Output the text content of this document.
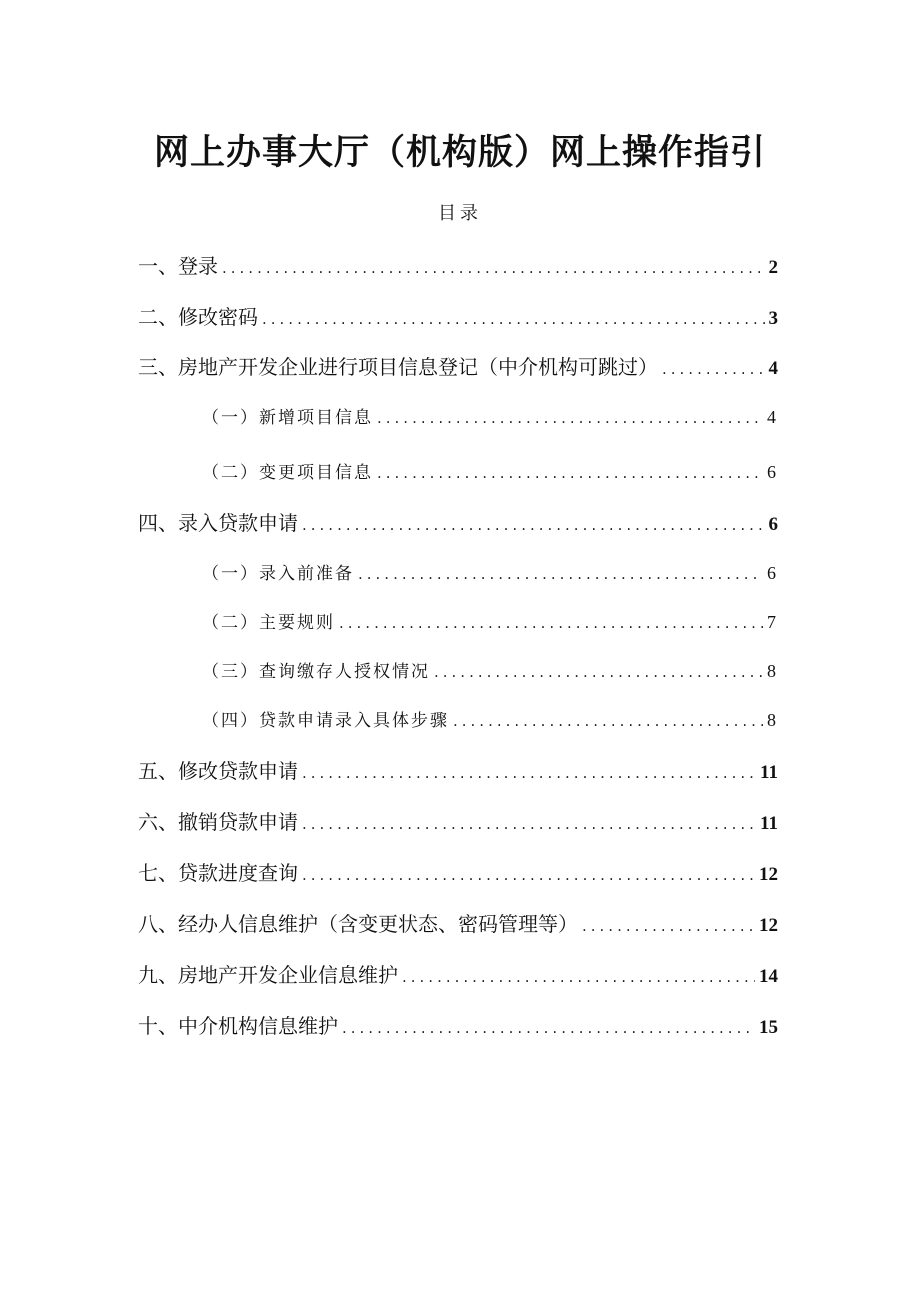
网上办事大厅（机构版）网上操作指引
目录
一、登录 .....	2
二、修改密码 .....	3
三、房地产开发企业进行项目信息登记（中介机构可跳过） .....	4
（一）新增项目信息 .....	4
（二）变更项目信息 .....	6
四、录入贷款申请 .....	6
（一）录入前准备 .....	6
（二）主要规则 .....	7
（三）查询缴存人授权情况 .....	8
（四）贷款申请录入具体步骤 .....	8
五、修改贷款申请 .....	11
六、撤销贷款申请 .....	11
七、贷款进度查询 .....	12
八、经办人信息维护（含变更状态、密码管理等） .....	12
九、房地产开发企业信息维护 .....	14
十、中介机构信息维护 .....	15
